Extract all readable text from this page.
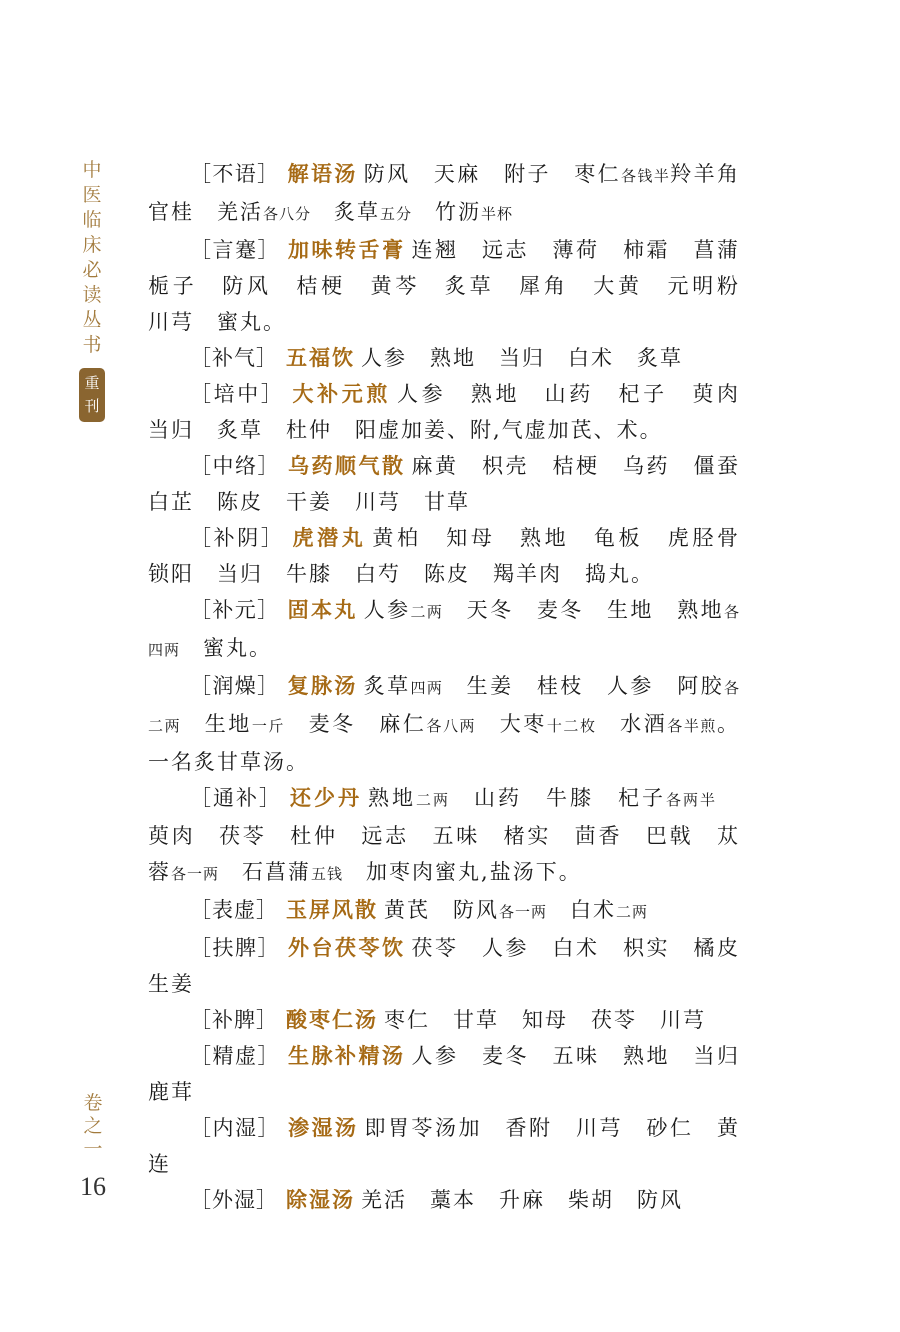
中
医
临
床
必
读
丛
书
重
刊
卷
之
一
16

［不语］ 解语汤 防风　天麻　附子　枣仁各钱半羚羊角　官桂　羌活各八分　炙草五分　竹沥半杯

［言蹇］ 加味转舌膏 连翘　远志　薄荷　柿霜　菖蒲　栀子　防风　桔梗　黄芩　炙草　犀角　大黄　元明粉　川芎　蜜丸。

［补气］ 五福饮 人参　熟地　当归　白术　炙草

［培中］ 大补元煎 人参　熟地　山药　杞子　萸肉　当归　炙草　杜仲　阳虚加姜、附,气虚加芪、术。

［中络］ 乌药顺气散 麻黄　枳壳　桔梗　乌药　僵蚕　白芷　陈皮　干姜　川芎　甘草

［补阴］ 虎潜丸 黄柏　知母　熟地　龟板　虎胫骨　锁阳　当归　牛膝　白芍　陈皮　羯羊肉　捣丸。

［补元］ 固本丸 人参二两　天冬　麦冬　生地　熟地各四两　蜜丸。

［润燥］ 复脉汤 炙草四两　生姜　桂枝　人参　阿胶各二两　生地一斤　麦冬　麻仁各八两　大枣十二枚　水酒各半煎。一名炙甘草汤。

［通补］ 还少丹 熟地二两　山药　牛膝　杞子各两半　萸肉　茯苓　杜仲　远志　五味　楮实　茴香　巴戟　苁蓉各一两　石菖蒲五钱　加枣肉蜜丸,盐汤下。

［表虚］ 玉屏风散 黄芪　防风各一两　白术二两

［扶脾］ 外台茯苓饮 茯苓　人参　白术　枳实　橘皮　生姜

［补脾］ 酸枣仁汤 枣仁　甘草　知母　茯苓　川芎

［精虚］ 生脉补精汤 人参　麦冬　五味　熟地　当归　鹿茸

［内湿］ 渗湿汤 即胃苓汤加　香附　川芎　砂仁　黄连

［外湿］ 除湿汤 羌活　藁本　升麻　柴胡　防风
